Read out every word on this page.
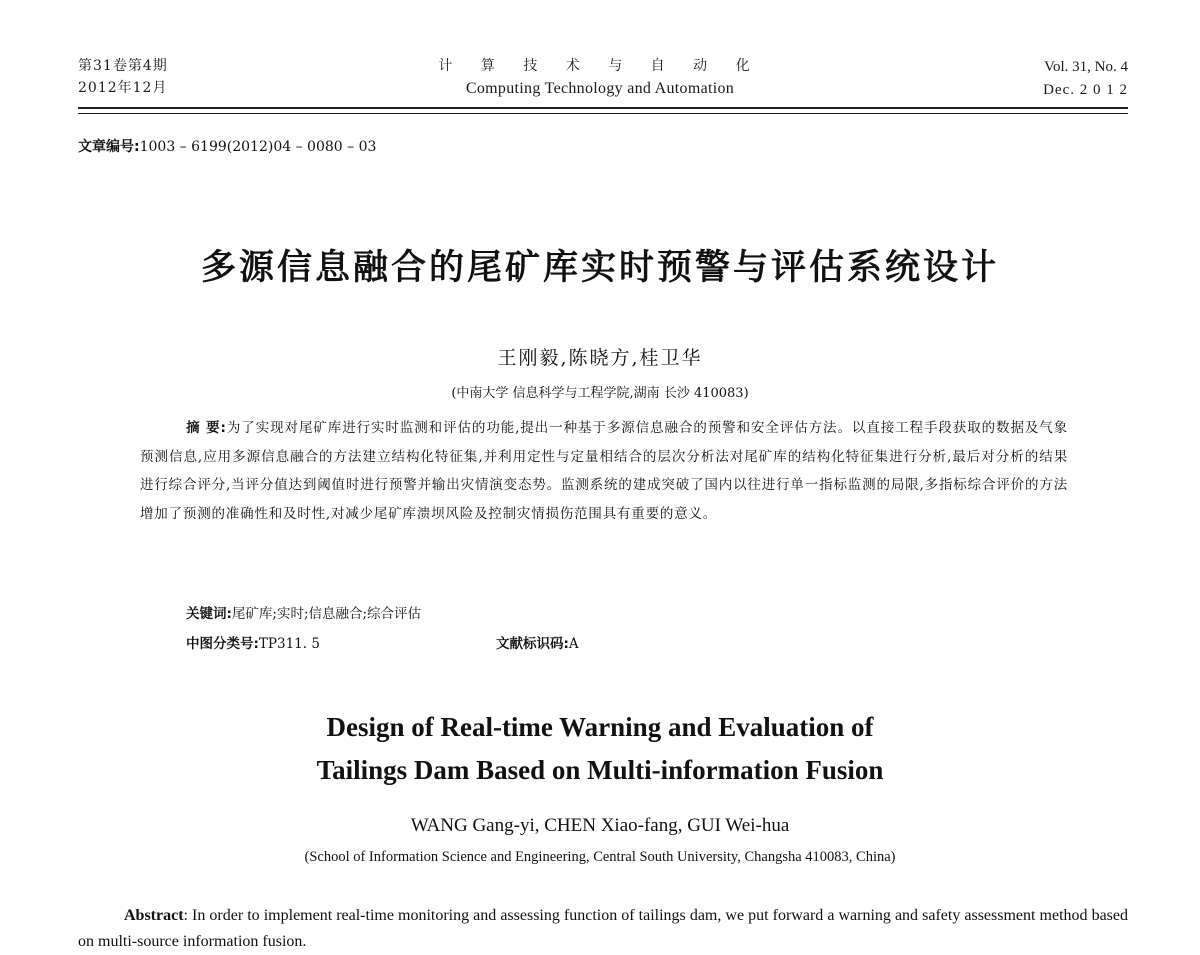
第31卷第4期
2012年12月
计 算 技 术 与 自 动 化
Computing Technology and Automation
Vol. 31, No. 4
Dec. 2 0 1 2
文章编号:1003 – 6199(2012)04 – 0080 – 03
多源信息融合的尾矿库实时预警与评估系统设计
王刚毅,陈晓方,桂卫华
(中南大学 信息科学与工程学院,湖南 长沙 410083)
摘 要:为了实现对尾矿库进行实时监测和评估的功能,提出一种基于多源信息融合的预警和安全评估方法。以直接工程手段获取的数据及气象预测信息,应用多源信息融合的方法建立结构化特征集,并利用定性与定量相结合的层次分析法对尾矿库的结构化特征集进行分析,最后对分析的结果进行综合评分,当评分值达到阈值时进行预警并输出灾情演变态势。监测系统的建成突破了国内以往进行单一指标监测的局限,多指标综合评价的方法增加了预测的准确性和及时性,对减少尾矿库溃坝风险及控制灾情损伤范围具有重要的意义。
关键词:尾矿库;实时;信息融合;综合评估
中图分类号:TP311. 5	文献标识码:A
Design of Real-time Warning and Evaluation of
Tailings Dam Based on Multi-information Fusion
WANG Gang-yi, CHEN Xiao-fang, GUI Wei-hua
(School of Information Science and Engineering, Central South University, Changsha 410083, China)
Abstract: In order to implement real-time monitoring and assessing function of tailings dam, we put forward a warning and safety assessment method based on multi-source information fusion.
